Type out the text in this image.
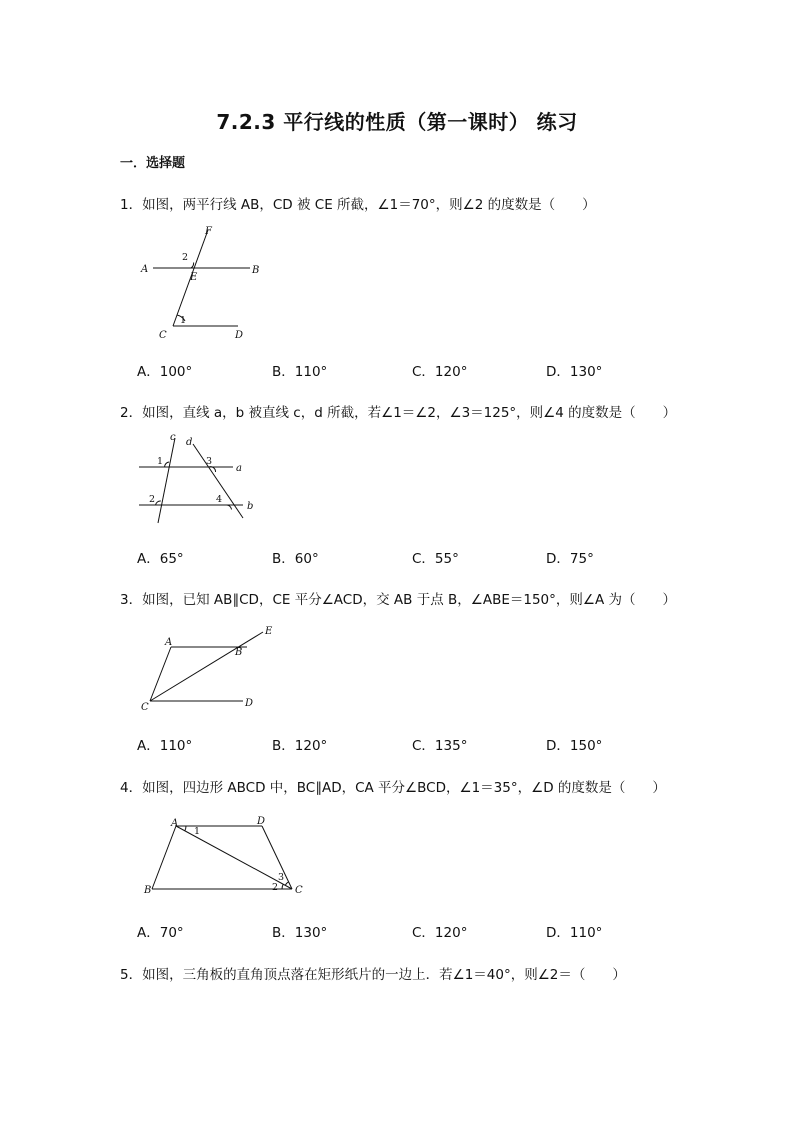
7.2.3 平行线的性质（第一课时） 练习
一．选择题
1．如图，两平行线 AB，CD 被 CE 所截，∠1＝70°，则∠2 的度数是（　　）
A	B
C	D
E
F
1
2
A．100°	B．110°	C．120°	D．130°
2．如图，直线 a，b 被直线 c，d 所截，若∠1＝∠2，∠3＝125°，则∠4 的度数是（　　）
c d
a
b
1
2
3
4
A．65°	B．60°	C．55°	D．75°
3．如图，已知 AB∥CD，CE 平分∠ACD，交 AB 于点 B，∠ABE＝150°，则∠A 为（　　）
A
B
C	D
E
A．110°	B．120°	C．135°	D．150°
4．如图，四边形 ABCD 中，BC∥AD，CA 平分∠BCD，∠1＝35°，∠D 的度数是（　　）
A
B	C
D
1
2
3
A．70°	B．130°	C．120°	D．110°
5．如图，三角板的直角顶点落在矩形纸片的一边上．若∠1＝40°，则∠2＝（　　）
